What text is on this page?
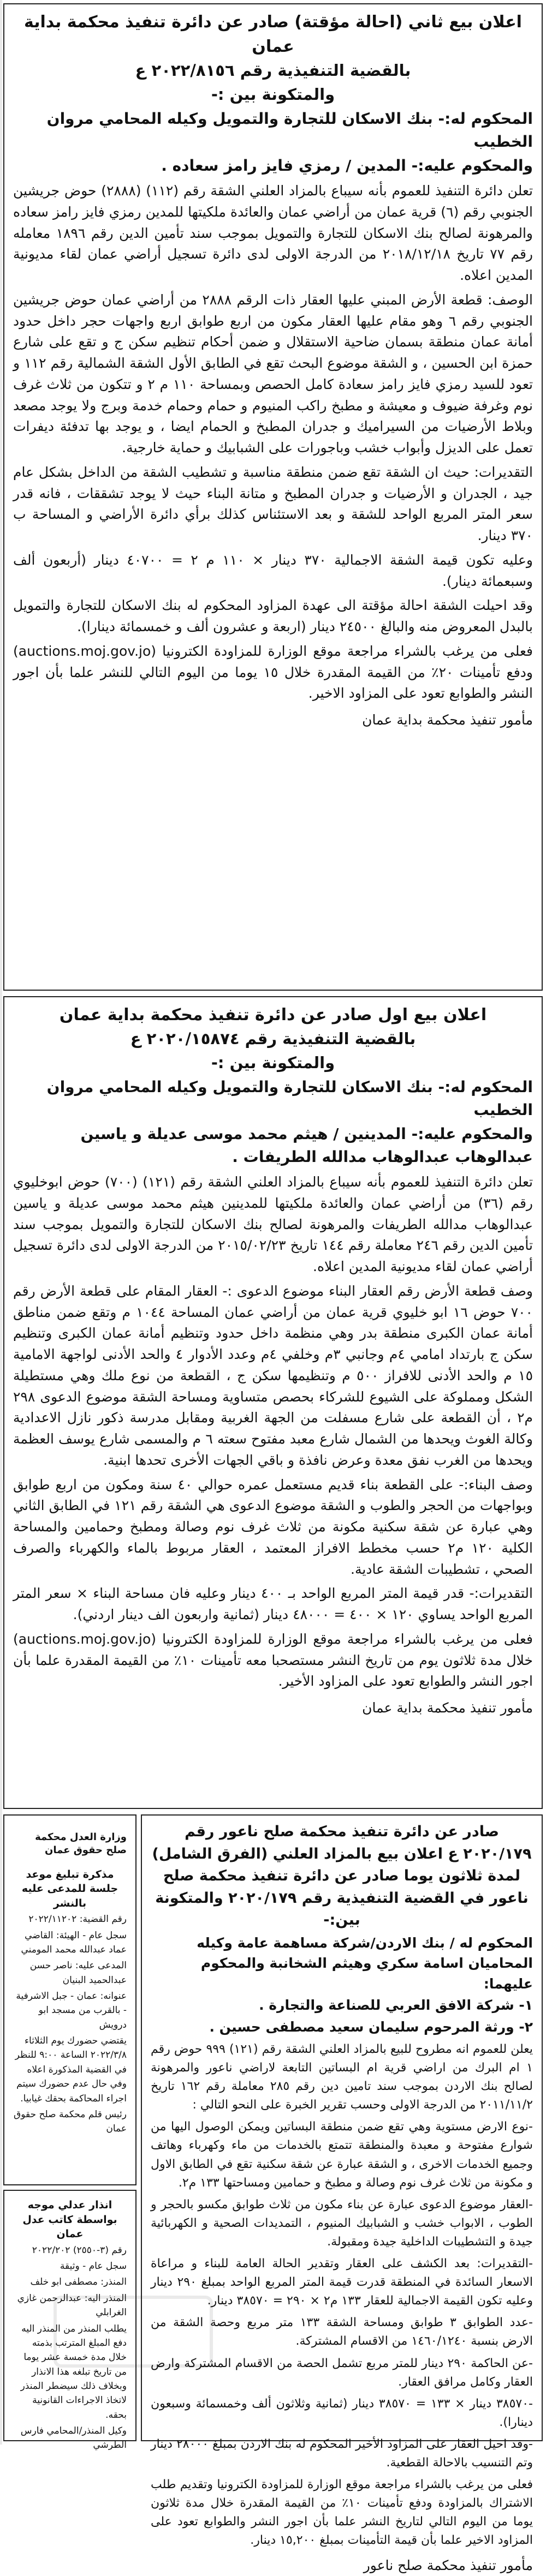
اعلان بيع ثاني (احالة مؤقتة) صادر عن دائرة تنفيذ محكمة بداية عمان

بالقضية التنفيذية رقم ٢٠٢٢/٨١٥٦ ع

والمتكونة بين :-

المحكوم له:- بنك الاسكان للتجارة والتمويل وكيله المحامي مروان الخطيب

والمحكوم عليه:- المدين / رمزي فايز رامز سعاده .

تعلن دائرة التنفيذ للعموم بأنه سيباع بالمزاد العلني الشقة رقم (١١٢) (٢٨٨٨) حوض جريشين الجنوبي رقم (٦) قرية عمان من أراضي عمان والعائدة ملكيتها للمدين رمزي فايز رامز سعاده والمرهونة لصالح بنك الاسكان للتجارة والتمويل بموجب سند تأمين الدين رقم ١٨٩٦ معامله رقم ٧٧ تاريخ ٢٠١٨/١٢/١٨ من الدرجة الاولى لدى دائرة تسجيل أراضي عمان لقاء مديونية المدين اعلاه.

الوصف: قطعة الأرض المبني عليها العقار ذات الرقم ٢٨٨٨ من أراضي عمان حوض جريشين الجنوبي رقم ٦ وهو مقام عليها العقار مكون من اربع طوابق اربع واجهات حجر داخل حدود أمانة عمان منطقة بسمان ضاحية الاستقلال و ضمن أحكام تنظيم سكن ج و تقع على شارع حمزة ابن الحسين ، و الشقة موضوع البحث تقع في الطابق الأول الشقة الشمالية رقم ١١٢ و تعود للسيد رمزي فايز رامز سعادة كامل الحصص وبمساحة ١١٠ م ٢ و تتكون من ثلاث غرف نوم وغرفة ضيوف و معيشة و مطبخ راكب المنيوم و حمام وحمام خدمة وبرج ولا يوجد مصعد وبلاط الأرضيات من السيراميك و جدران المطبخ و الحمام ايضا ، و يوجد بها تدفئة ديفرات تعمل على الديزل وأبواب خشب وباجورات على الشبابيك و حماية خارجية.

التقديرات: حيث ان الشقة تقع ضمن منطقة مناسبة و تشطيب الشقة من الداخل بشكل عام جيد ، الجدران و الأرضيات و جدران المطبخ و متانة البناء حيث لا يوجد تشققات ، فانه قدر سعر المتر المربع الواحد للشقة و بعد الاستئناس كذلك برأي دائرة الأراضي و المساحة ب ٣٧٠ دينار.

وعليه تكون قيمة الشقة الاجمالية ٣٧٠ دينار × ١١٠ م ٢ = ٤٠٧٠٠ دينار (أربعون ألف وسبعمائة دينار).

وقد احيلت الشقة احالة مؤقتة الى عهدة المزاود المحكوم له بنك الاسكان للتجارة والتمويل بالبدل المعروض منه والبالغ ٢٤٥٠٠ دينار (اربعة و عشرون ألف و خمسمائة دينارا).

فعلى من يرغب بالشراء مراجعة موقع الوزارة للمزاودة الكترونيا (auctions.moj.gov.jo) ودفع تأمينات ٢٠٪ من القيمة المقدرة خلال ١٥ يوما من اليوم التالي للنشر علما بأن اجور النشر والطوابع تعود على المزاود الاخير.

مأمور تنفيذ محكمة بداية عمان

اعلان بيع اول صادر عن دائرة تنفيذ محكمة بداية عمان

بالقضية التنفيذية رقم ٢٠٢٠/١٥٨٧٤ ع

والمتكونة بين :-

المحكوم له:- بنك الاسكان للتجارة والتمويل وكيله المحامي مروان الخطيب

والمحكوم عليه:- المدينين / هيثم محمد موسى عديلة و ياسين عبدالوهاب عبدالوهاب مدالله الطريفات .

تعلن دائرة التنفيذ للعموم بأنه سيباع بالمزاد العلني الشقة رقم (١٢١) (٧٠٠) حوض ابوخليوي رقم (٣٦) من أراضي عمان والعائدة ملكيتها للمدينين هيثم محمد موسى عديلة و ياسين عبدالوهاب مدالله الطريفات والمرهونة لصالح بنك الاسكان للتجارة والتمويل بموجب سند تأمين الدين رقم ٢٤٦ معاملة رقم ١٤٤ تاريخ ٢٠١٥/٠٢/٢٣ من الدرجة الاولى لدى دائرة تسجيل أراضي عمان لقاء مديونية المدين اعلاه.

وصف قطعة الأرض رقم العقار البناء موضوع الدعوى :- العقار المقام على قطعة الأرض رقم ٧٠٠ حوض ١٦ ابو خليوي قرية عمان من أراضي عمان المساحة ١٠٤٤ م وتقع ضمن مناطق أمانة عمان الكبرى منطقة بدر وهي منظمة داخل حدود وتنظيم أمانة عمان الكبرى وتنظيم سكن ج بارتداد امامي ٤م وجانبي ٣م وخلفي ٤م وعدد الأدوار ٤ والحد الأدنى لواجهة الامامية ١٥ م والحد الأدنى للافراز ٥٠٠ م وتنظيمها سكن ج ، القطعة من نوع ملك وهي مستطيلة الشكل ومملوكة على الشيوع للشركاء بحصص متساوية ومساحة الشقة موضوع الدعوى ٢٩٨ م٢ ، أن القطعة على شارع مسفلت من الجهة الغربية ومقابل مدرسة ذكور نازل الاعدادية وكالة الغوث ويحدها من الشمال شارع معبد مفتوح سعته ٦ م والمسمى شارع يوسف العظمة ويحدها من الغرب نفق معدة وعرض نافذة و باقي الجهات الأخرى تحدها ابنية.

وصف البناء:- على القطعة بناء قديم مستعمل عمره حوالي ٤٠ سنة ومكون من اربع طوابق وبواجهات من الحجر والطوب و الشقة موضوع الدعوى هي الشقة رقم ١٢١ في الطابق الثاني وهي عبارة عن شقة سكنية مكونة من ثلاث غرف نوم وصالة ومطبخ وحمامين والمساحة الكلية ١٢٠ م٢ حسب مخطط الافراز المعتمد ، العقار مربوط بالماء والكهرباء والصرف الصحي ، تشطيبات الشقة عادية.

التقديرات:- قدر قيمة المتر المربع الواحد بـ ٤٠٠ دينار وعليه فان مساحة البناء × سعر المتر المربع الواحد يساوي ١٢٠ × ٤٠٠ = ٤٨٠٠٠ دينار (ثمانية واربعون الف دينار اردني).

فعلى من يرغب بالشراء مراجعة موقع الوزارة للمزاودة الكترونيا (auctions.moj.gov.jo) خلال مدة ثلاثون يوم من تاريخ النشر مستصحبا معه تأمينات ١٠٪ من القيمة المقدرة علما بأن اجور النشر والطوابع تعود على المزاود الأخير.

مأمور تنفيذ محكمة بداية عمان

صادر عن دائرة تنفيذ محكمة صلح ناعور رقم ٢٠٢٠/١٧٩ ع اعلان بيع بالمزاد العلني (الفرق الشامل) لمدة ثلاثون يوما صادر عن دائرة تنفيذ محكمة صلح ناعور في القضية التنفيذية رقم ٢٠٢٠/١٧٩ والمتكونة بين:-

المحكوم له / بنك الاردن/شركة مساهمة عامة وكيله المحاميان اسامة سكري وهيثم الشخانبة والمحكوم عليهما:

١- شركة الافق العربي للصناعة والتجارة .

٢- ورثة المرحوم سليمان سعيد مصطفى حسين .

يعلن للعموم انه مطروح للبيع بالمزاد العلني الشقة رقم (١٢١) ٩٩٩ حوض رقم ١ ام البرك من اراضي قرية ام البساتين التابعة لاراضي ناعور والمرهونة لصالح بنك الاردن بموجب سند تامين دين رقم ٢٨٥ معاملة رقم ١٦٢ تاريخ ٢٠١١/١١/٢ من الدرجة الاولى وحسب تقرير الخبرة على النحو التالي :

-نوع الارض مستوية وهي تقع ضمن منطقة البساتين ويمكن الوصول اليها من شوارع مفتوحة و معبدة والمنطقة تتمتع بالخدمات من ماء وكهرباء وهاتف وجميع الخدمات الاخرى ، و الشقة عبارة عن شقة سكنية تقع في الطابق الاول و مكونة من ثلاث غرف نوم وصالة و مطبخ و حمامين ومساحتها ١٣٣ م٢.

-العقار موضوع الدعوى عبارة عن بناء مكون من ثلاث طوابق مكسو بالحجر و الطوب ، الابواب خشب و الشبابيك المنيوم ، التمديدات الصحية و الكهربائية جيدة و التشطيبات الداخلية جيدة ومقبولة.

-التقديرات: بعد الكشف على العقار وتقدير الحالة العامة للبناء و مراعاة الاسعار السائدة في المنطقة قدرت قيمة المتر المربع الواحد بمبلغ ٢٩٠ دينار وعليه تكون القيمة الاجمالية للعقار ١٣٣ م٢ × ٢٩٠ = ٣٨٥٧٠ دينار.

-عدد الطوابق ٣ طوابق ومساحة الشقة ١٣٣ متر مربع وحصة الشقة من الارض بنسبة ١٤٦٠/١٢٤٠ من الاقسام المشتركة.

-عن الحاكمة ٢٩٠ دينار للمتر مربع تشمل الحصة من الاقسام المشتركة وارض العقار وكامل مرافق العقار.

-٣٨٥٧٠ دينار × ١٣٣ = ٣٨٥٧٠ دينار (ثمانية وثلاثون ألف وخمسمائة وسبعون دينارا).

-وقد احيل العقار على المزاود الأخير المحكوم له بنك الاردن بمبلغ ٢٨٠٠٠ دينار وتم التنسيب بالاحالة القطعية.

فعلى من يرغب بالشراء مراجعة موقع الوزارة للمزاودة الكترونيا وتقديم طلب الاشتراك بالمزاودة ودفع تأمينات ١٠٪ من القيمة المقدرة خلال مدة ثلاثون يوما من اليوم التالي لتاريخ النشر علما بأن اجور النشر والطوابع تعود على المزاود الاخير علما بأن قيمة التأمينات بمبلغ ١٥,٢٠٠ دينار.

مأمور تنفيذ محكمة صلح ناعور

وزارة العدل محكمة صلح حقوق عمان

مذكرة تبليغ موعد جلسة للمدعى عليه بالنشر

رقم القضية: ٢٠٢٢/١١٢٠٢

سجل عام - الهيئة: القاضي عماد عبدالله محمد المومني

المدعى عليه: ناصر حسن عبدالحميد البنيان

عنوانه: عمان - جبل الاشرفية - بالقرب من مسجد ابو درويش

يقتضي حضورك يوم الثلاثاء ٢٠٢٢/٣/٨ الساعة ٩:٠٠ للنظر في القضية المذكورة اعلاه وفي حال عدم حضورك سيتم اجراء المحاكمة بحقك غيابيا.

رئيس قلم محكمة صلح حقوق عمان

انذار عدلي موجه بواسطة كاتب عدل عمان

رقم (٣-٢٥٥٠) ٢٠٢٢/٢٠٢

سجل عام - وثيقة

المنذر: مصطفى ابو خلف

المنذر اليه: عبدالرحمن غازي الغرابلي

يطلب المنذر من المنذر اليه دفع المبلغ المترتب بذمته خلال مدة خمسة عشر يوما من تاريخ تبلغه هذا الانذار وبخلاف ذلك سيضطر المنذر لاتخاذ الاجراءات القانونية بحقه.

وكيل المنذر/المحامي فارس الطرشي
